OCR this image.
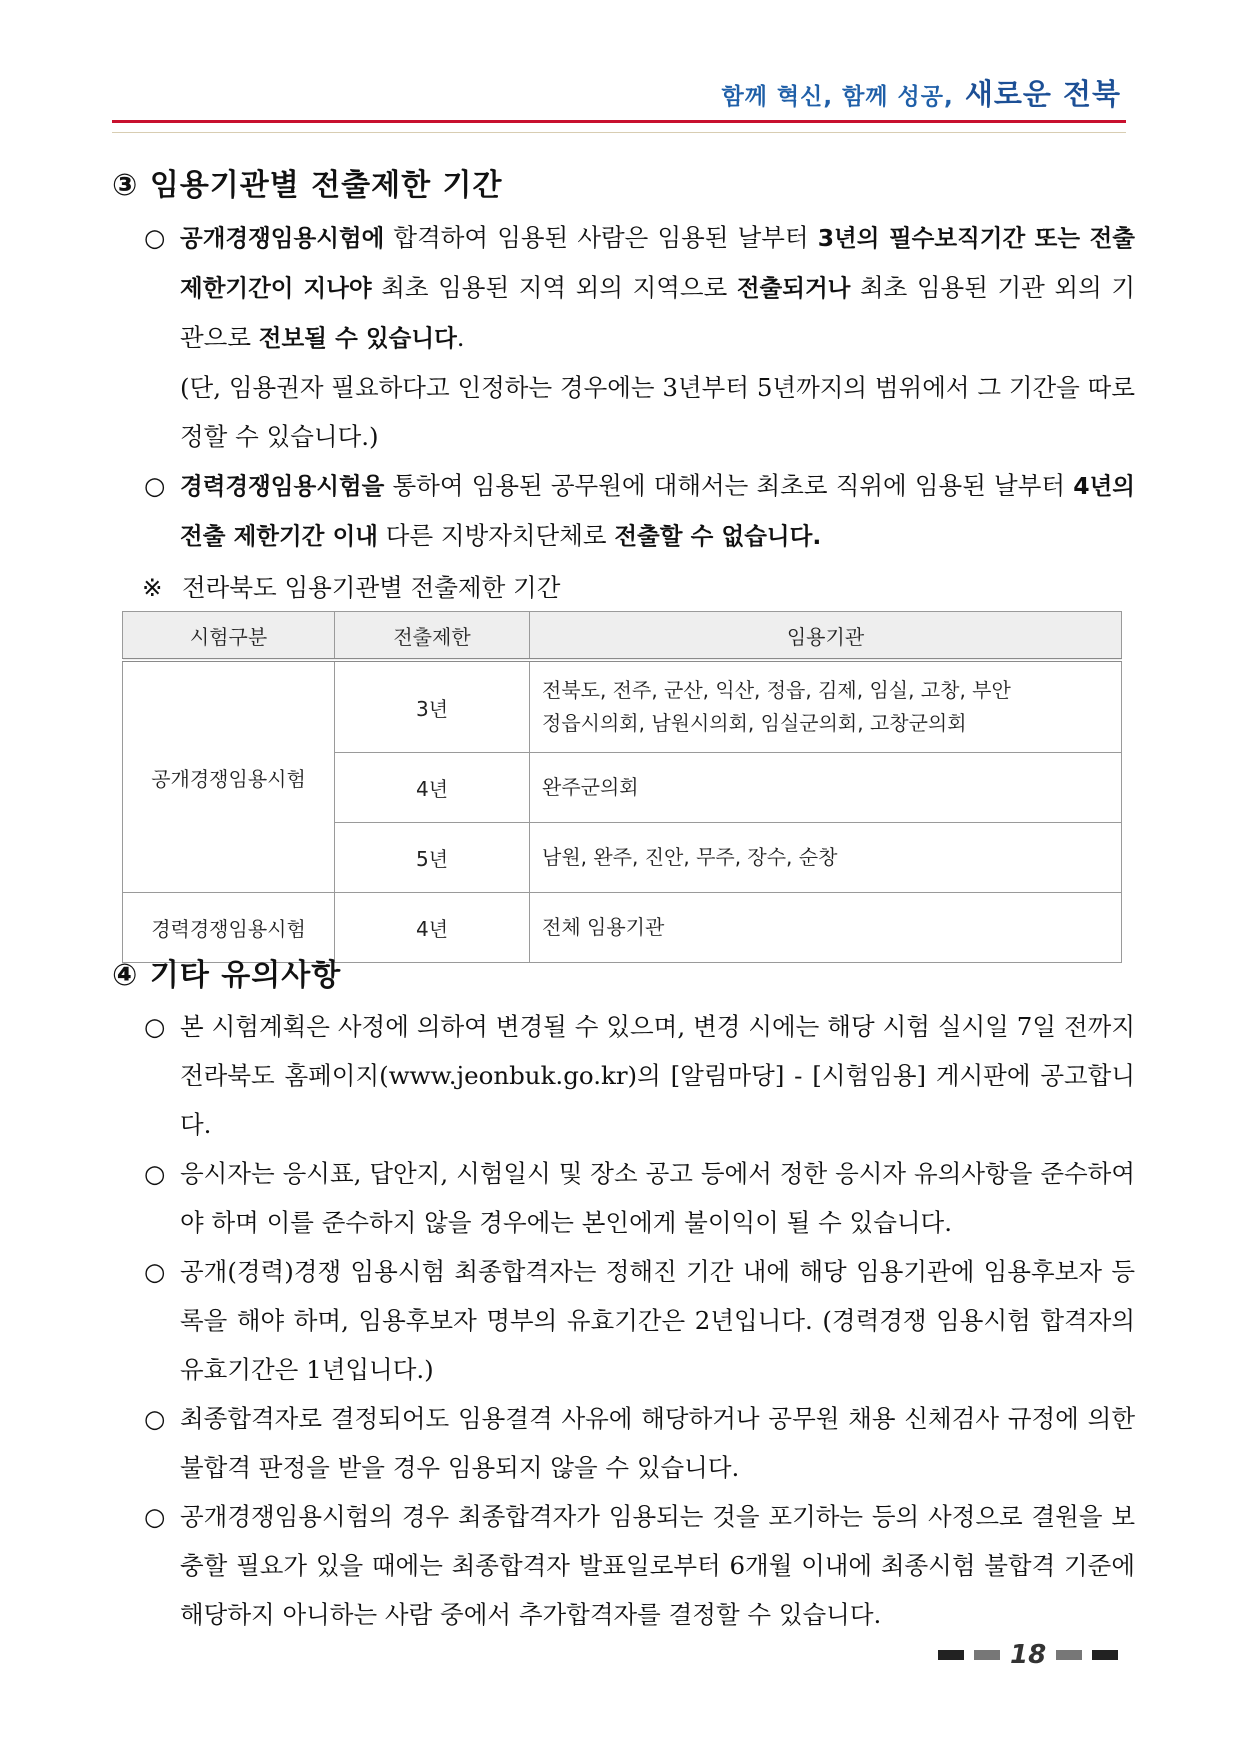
함께 혁신, 함께 성공, 새로운 전북
③ 임용기관별 전출제한 기간

○ 공개경쟁임용시험에 합격하여 임용된 사람은 임용된 날부터 3년의 필수보직기간 또는 전출 제한기간이 지나야 최초 임용된 지역 외의 지역으로 전출되거나 최초 임용된 기관 외의 기관으로 전보될 수 있습니다.
(단, 임용권자 필요하다고 인정하는 경우에는 3년부터 5년까지의 범위에서 그 기간을 따로 정할 수 있습니다.)

○ 경력경쟁임용시험을 통하여 임용된 공무원에 대해서는 최초로 직위에 임용된 날부터 4년의 전출 제한기간 이내 다른 지방자치단체로 전출할 수 없습니다.

※ 전라북도 임용기관별 전출제한 기간
시험구분	전출제한	임용기관
공개경쟁임용시험	3년	전북도, 전주, 군산, 익산, 정읍, 김제, 임실, 고창, 부안
정읍시의회, 남원시의회, 임실군의회, 고창군의회

	4년	완주군의회
	5년	남원, 완주, 진안, 무주, 장수, 순창
경력경쟁임용시험	4년	전체 임용기관
④ 기타 유의사항

○ 본 시험계획은 사정에 의하여 변경될 수 있으며, 변경 시에는 해당 시험 실시일 7일 전까지 전라북도 홈페이지(www.jeonbuk.go.kr)의 [알림마당] - [시험임용] 게시판에 공고합니다.

○ 응시자는 응시표, 답안지, 시험일시 및 장소 공고 등에서 정한 응시자 유의사항을 준수하여야 하며 이를 준수하지 않을 경우에는 본인에게 불이익이 될 수 있습니다.

○ 공개(경력)경쟁 임용시험 최종합격자는 정해진 기간 내에 해당 임용기관에 임용후보자 등록을 해야 하며, 임용후보자 명부의 유효기간은 2년입니다. (경력경쟁 임용시험 합격자의 유효기간은 1년입니다.)

○ 최종합격자로 결정되어도 임용결격 사유에 해당하거나 공무원 채용 신체검사 규정에 의한 불합격 판정을 받을 경우 임용되지 않을 수 있습니다.

○ 공개경쟁임용시험의 경우 최종합격자가 임용되는 것을 포기하는 등의 사정으로 결원을 보충할 필요가 있을 때에는 최종합격자 발표일로부터 6개월 이내에 최종시험 불합격 기준에 해당하지 아니하는 사람 중에서 추가합격자를 결정할 수 있습니다.

18
